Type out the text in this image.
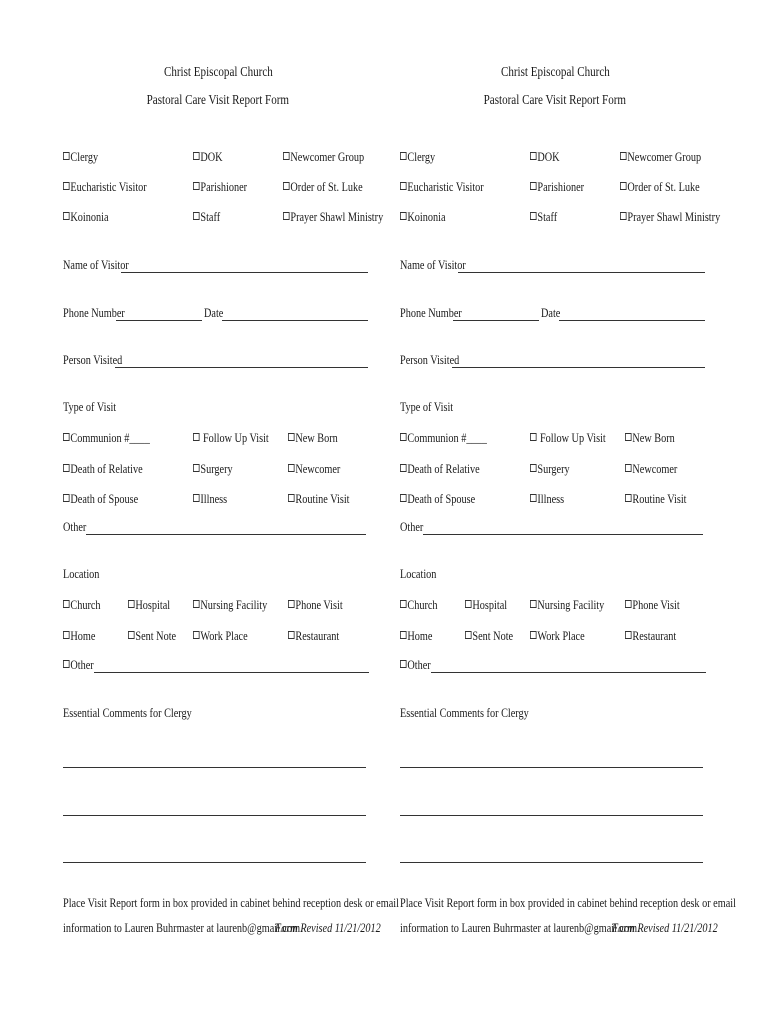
Christ Episcopal Church
Pastoral Care Visit Report Form
Clergy	DOK	Newcomer Group
Eucharistic Visitor	Parishioner	Order of St. Luke
Koinonia	Staff	Prayer Shawl Ministry
Name of Visitor
Phone Number	Date
Person Visited
Type of Visit
Communion #____	Follow Up Visit	New Born
Death of Relative	Surgery	Newcomer
Death of Spouse	Illness	Routine Visit
Other
Location
Church	Hospital	Nursing Facility	Phone Visit
Home	Sent Note	Work Place	Restaurant
Other
Essential Comments for Clergy
Place Visit Report form in box provided in cabinet behind reception desk or email
information to Lauren Buhrmaster at laurenb@gmail.com.
Form Revised 11/21/2012
Christ Episcopal Church
Pastoral Care Visit Report Form
Clergy	DOK	Newcomer Group
Eucharistic Visitor	Parishioner	Order of St. Luke
Koinonia	Staff	Prayer Shawl Ministry
Name of Visitor
Phone Number	Date
Person Visited
Type of Visit
Communion #____	Follow Up Visit	New Born
Death of Relative	Surgery	Newcomer
Death of Spouse	Illness	Routine Visit
Other
Location
Church	Hospital	Nursing Facility	Phone Visit
Home	Sent Note	Work Place	Restaurant
Other
Essential Comments for Clergy
Place Visit Report form in box provided in cabinet behind reception desk or email
information to Lauren Buhrmaster at laurenb@gmail.com.
Form Revised 11/21/2012
